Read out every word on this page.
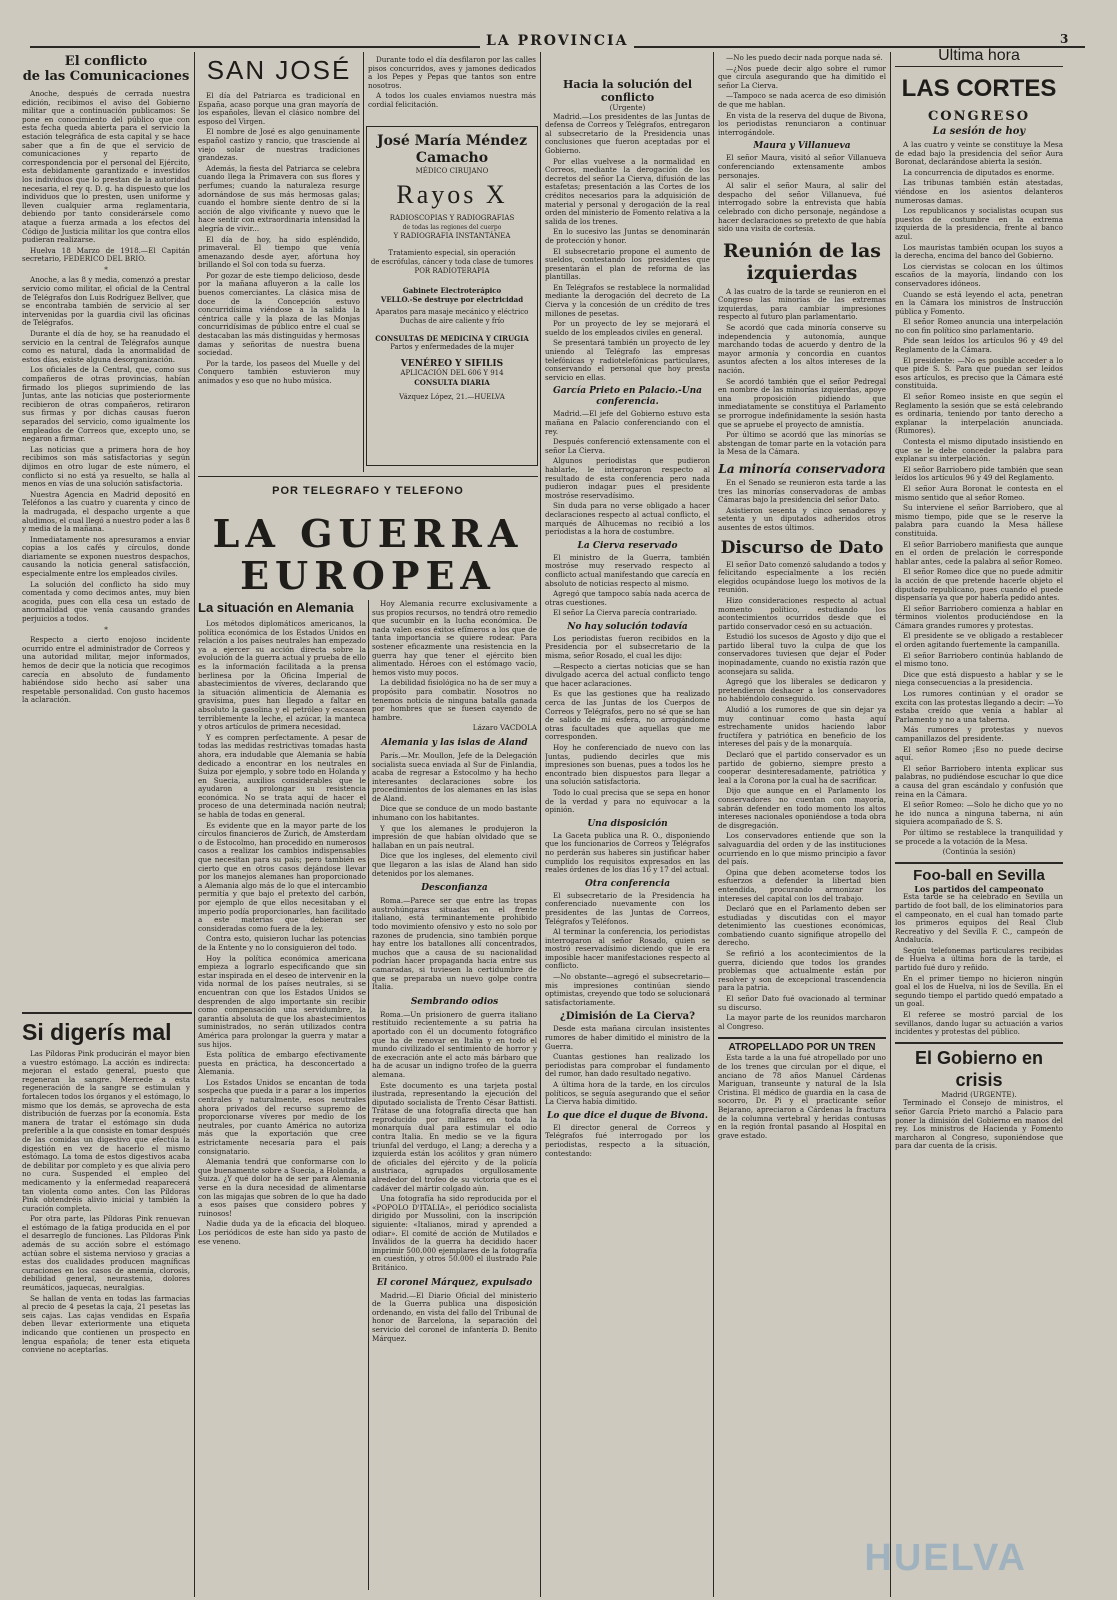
LA PROVINCIA	3
El conflicto
de las Comunicaciones

Anoche, después de cerrada nuestra edición, recibimos el aviso del Gobierno militar que a continuación publicamos: Se pone en conocimiento del público que con esta fecha queda abierta para el servicio la estación telegráfica de esta capital y se hace saber que a fin de que el servicio de comunicaciones y reparto de correspondencia por el personal del Ejército, esta debidamente garantizado e investidos los individuos que lo prestan de la autoridad necesaria, el rey q. D. g. ha dispuesto que los individuos que lo presten, usen uniforme y lleven cualquier arma reglamentaria, debiendo por tanto considerársele como ataque a fuerza armada a los efectos del Código de Justicia militar los que contra ellos pudieran realizarse.

Huelva 18 Marzo de 1918.—El Capitán secretario, FEDERICO DEL BRIO.

*

Anoche, a las 8 y media, comenzó a prestar servicio como militar, el oficial de la Central de Telégrafos don Luis Rodríguez Bellver, que se encontraba también de servicio al ser intervenidas por la guardia civil las oficinas de Telégrafos.

Durante el día de hoy, se ha reanudado el servicio en la central de Telégrafos aunque como es natural, dada la anormalidad de estos días, existe alguna desorganización.

Los oficiales de la Central, que, como sus compañeros de otras provincias, habían firmado los pliegos suprimiendo de las Juntas, ante las noticias que posteriormente recibieron de otras compañeros, retiraron sus firmas y por dichas causas fueron separados del servicio, como igualmente los empleados de Correos que, excepto uno, se negaron a firmar.

Las noticias que a primera hora de hoy recibimos son más satisfactorias y según dijimos en otro lugar de este número, el conflicto si no está ya resuelto, se halla al menos en vías de una solución satisfactoria.

Nuestra Agencia en Madrid depositó en Teléfonos a las cuatro y cuarenta y cinco de la madrugada, el despacho urgente a que aludimos, el cual llegó a nuestro poder a las 8 y media de la mañana.

Inmediatamente nos apresuramos a enviar copias a los cafés y círculos, donde diariamente se exponen nuestros despachos, causando la noticia general satisfacción, especialmente entre los empleados civiles.

La solución del conflicto ha sido muy comentada y como decimos antes, muy bien acogida, pues con ella cesa un estado de anormalidad que venía causando grandes perjuicios a todos.

*

Respecto a cierto enojoso incidente ocurrido entre el administrador de Correos y una autoridad militar, mejor informados, hemos de decir que la noticia que recogimos carecía en absoluto de fundamento habiéndose sido hecho así saber una respetable personalidad. Con gusto hacemos la aclaración.

Si digerís mal

Las Píldoras Pink producirán el mayor bien a vuestro estómago. La acción es indirecta: mejoran el estado general, puesto que regeneran la sangre. Mercede a esta regeneración de la sangre se estimulan y fortalecen todos los órganos y el estómago, lo mismo que los demás, se aprovecha de esta distribución de fuerzas por la economía. Esta manera de tratar el estómago sin duda preferible a la que consiste en tomar después de las comidas un digestivo que efectúa la digestión en vez de hacerlo el mismo estómago. La toma de estos digestivos acaba de debilitar por completo y es que alivia pero no cura. Suspended el empleo del medicamento y la enfermedad reaparecerá tan violenta como antes. Con las Píldoras Pink obtendréis alivio inicial y también la curación completa.

Por otra parte, las Píldoras Pink renuevan el estómago de la fatiga producida en el por el desarreglo de funciones. Las Píldoras Pink además de su acción sobre el estómago actúan sobre el sistema nervioso y gracias a estas dos cualidades producen magníficas curaciones en los casos de anemia, clorosis, debilidad general, neurastenia, dolores reumáticos, jaquecas, neuralgias.

Se hallan de venta en todas las farmacias al precio de 4 pesetas la caja, 21 pesetas las seis cajas. Las cajas vendidas en España deben llevar exteriormente una etiqueta indicando que contienen un prospecto en lengua española; de tener esta etiqueta conviene no aceptarlas.

SAN JOSÉ

El día del Patriarca es tradicional en España, acaso porque una gran mayoría de los españoles, llevan el clásico nombre del esposo del Virgen.

El nombre de José es algo genuinamente español castizo y rancio, que trasciende al viejo solar de nuestras tradiciones grandezas.

Además, la fiesta del Patriarca se celebra cuando llega la Primavera con sus flores y perfumes; cuando la naturaleza resurge adornándose de sus más hermosas galas; cuando el hombre siente dentro de sí la acción de algo vivificante y nuevo que le hace sentir con extraordinaria intensidad la alegría de vivir...

El día de hoy, ha sido espléndido, primaveral. El tiempo que venía amenazando desde ayer, afórtuna hoy brillando el Sol con toda su fuerza.

Por gozar de este tiempo delicioso, desde por la mañana afluyeron a la calle los buenos comerciantes. La clásica misa de doce de la Concepción estuvo concurridísima viéndose a la salida la céntrica calle y la plaza de las Monjas concurridísimas de público entre el cual se destacaban las más distinguidas y hermosas damas y señoritas de nuestra buena sociedad.

Por la tarde, los paseos del Muelle y del Conquero también estuvieron muy animados y eso que no hubo música.

Durante todo el día desfilaron por las calles pisos concurridos, aves y jamones dedicados a los Pepes y Pepas que tantos son entre nosotros.

A todos los cuales enviamos nuestra más cordial felicitación.

José María Méndez Camacho
MÉDICO CIRUJANO
Rayos X
RADIOSCOPIAS Y RADIOGRAFIAS
de todas las regiones del cuerpo
Y RADIOGRAFIA INSTANTÁNEA
Tratamiento especial, sin operación
de escrófulas, cáncer y toda clase de tumores
POR RADIOTERAPIA
Gabinete Electroterápico
VELLO.-Se destruye por electricidad
Aparatos para masaje mecánico y eléctrico
Duchas de aire caliente y frío
CONSULTAS DE MEDICINA Y CIRUGIA
Partos y enfermedades de la mujer
VENÉREO Y SIFILIS
APLICACIÓN DEL 606 Y 914
CONSULTA DIARIA
Vázquez López, 21.—HUELVA
POR TELEGRAFO Y TELEFONO
LA GUERRA
EUROPEA
La situación en Alemania

Los métodos diplomáticos americanos, la política económica de los Estados Unidos en relación a los países neutrales han empezado ya a ejercer su acción directa sobre la evolución de la guerra actual y prueba de ello es la información facilitada a la prensa berlinesa por la Oficina Imperial de abastecimientos de víveres, declarando que la situación alimenticia de Alemania es gravísima, pues han llegado a faltar en absoluto la gasolina y el petróleo y escasean terriblemente la leche, el azúcar, la manteca y otros artículos de primera necesidad.

Y es compren perfectamente. A pesar de todas las medidas restrictivas tomadas hasta ahora, era indudable que Alemania se había dedicado a encontrar en los neutrales en Suiza por ejemplo, y sobre todo en Holanda y en Suecia, auxilios considerables que le ayudaron a prolongar su resistencia económica. No se trata aquí de hacer el proceso de una determinada nación neutral; se habla de todas en general.

Es evidente que en la mayor parte de los círculos financieros de Zurich, de Amsterdam o de Estocolmo, han procedido en numerosos casos a realizar los cambios indispensables que necesitan para su país; pero también es cierto que en otros casos dejándose llevar por los manejos alemanes han proporcionado a Alemania algo más de lo que el intercambio permitía y que bajo el pretexto del carbón, por ejemplo de que ellos necesitaban y el imperio podía proporcionarles, han facilitado a este materias que debieran ser consideradas como fuera de la ley.

Contra esto, quisieron luchar las potencias de la Entente y no lo consiguieron del todo.

Hoy la política económica americana empieza a lograrlo especificando que sin estar inspirada en el deseo de intervenir en la vida normal de los países neutrales, si se encuentran con que los Estados Unidos se desprenden de algo importante sin recibir como compensación una servidumbre, la garantía absoluta de que los abastecimientos suministrados, no serán utilizados contra América para prolongar la guerra y matar a sus hijos.

Esta política de embargo efectivamente puesta en práctica, ha desconcertado a Alemania.

Los Estados Unidos se encantan de toda sospecha que pueda ir a parar a los imperios centrales y naturalmente, esos neutrales ahora privados del recurso supremo de proporcionarse víveres por medio de los neutrales, por cuanto América no autoriza más que la exportación que cree estrictamente necesaria para el país consignatario.

Alemania tendrá que conformarse con lo que buenamente sobre a Suecia, a Holanda, a Suiza. ¿Y qué dolor ha de ser para Alemania verse en la dura necesidad de alimentarse con las migajas que sobren de lo que ha dado a esos países que considero pobres y ruinosos!

Nadie duda ya de la eficacia del bloqueo. Los periódicos de este han sido ya pasto de ese veneno.

Hoy Alemania recurre exclusivamente a sus propios recursos, no tendrá otro remedio que sucumbir en la lucha económica. De nada valen esos éxitos efímeros a los que de tanta importancia se quiere rodear. Para sostener eficazmente una resistencia en la guerra hay que tener el ejército bien alimentado. Héroes con el estómago vacío, hemos visto muy pocos.

La debilidad fisiológica no ha de ser muy a propósito para combatir. Nosotros no tenemos noticia de ninguna batalla ganada por hombres que se fuesen cayendo de hambre.

Lázaro VACDOLA
Alemania y las islas de Aland

París.—Mr. Moullon, Jefe de la Delegación socialista sueca enviada al Sur de Finlandia, acaba de regresar a Estocolmo y ha hecho interesantes declaraciones sobre los procedimientos de los alemanes en las islas de Aland.

Dice que se conduce de un modo bastante inhumano con los habitantes.

Y que los alemanes le produjeron la impresión de que habían olvidado que se hallaban en un país neutral.

Dice que los ingleses, del elemento civil que llegaron a las islas de Aland han sido detenidos por los alemanes.

Desconfianza

Roma.—Parece ser que entre las tropas austrohúngaras situadas en el frente italiano, está terminantemente prohibido todo movimiento ofensivo y esto no solo por razones de prudencia, sino también porque hay entre los batallones allí concentrados, muchos que a causa de su nacionalidad podrían hacer propaganda hacia entre sus camaradas, si tuviesen la certidumbre de que se preparaba un nuevo golpe contra Italia.

Sembrando odios

Roma.—Un prisionero de guerra italiano restituido recientemente a su patria ha aportado con él un documento fotográfico que ha de renovar en Italia y en todo el mundo civilizado el sentimiento de horror y de execración ante el acto más bárbaro que ha de acusar un indigno trofeo de la guerra alemana.

Este documento es una tarjeta postal ilustrada, representando la ejecución del diputado socialista de Trento César Battisti. Trátase de una fotografía directa que han reproducido por millares en toda la monarquía dual para estimular el odio contra Italia. En medio se ve la figura triunfal del verdugo, el Lang; a derecha y a izquierda están los acólitos y gran número de oficiales del ejército y de la policía austriaca, agrupados orgullosamente alrededor del trofeo de su victoria que es el cadáver del mártir colgado aún.

Una fotografía ha sido reproducida por el «POPOLO D'ITALIA», el periódico socialista dirigido por Mussolini, con la inscripción siguiente: «Italianos, mirad y aprended a odiar». El comité de acción de Mutilados e Inválidos de la guerra ha decidido hacer imprimir 500.000 ejemplares de la fotografía en cuestión, y otros 50.000 el ilustrado Pale Británico.

El coronel Márquez, expulsado

Madrid.—El Diario Oficial del ministerio de la Guerra publica una disposición ordenando, en vista del fallo del Tribunal de honor de Barcelona, la separación del servicio del coronel de infantería D. Benito Márquez.

Hacia la solución del conflicto
(Urgente)

Madrid.—Los presidentes de las Juntas de defensa de Correos y Telégrafos, entregaron al subsecretario de la Presidencia unas conclusiones que fueron aceptadas por el Gobierno.

Por ellas vuelvese a la normalidad en Correos, mediante la derogación de los decretos del señor La Cierva, difusión de las estafetas; presentación a las Cortes de los créditos necesarios para la adquisición de material y personal y derogación de la real orden del ministerio de Fomento relativa a la salida de los trenes.

En lo sucesivo las Juntas se denominarán de protección y honor.

El subsecretario propone el aumento de sueldos, contestando los presidentes que presentarán el plan de reforma de las plantillas.

En Telégrafos se restablece la normalidad mediante la derogación del decreto de La Cierva y la concesión de un crédito de tres millones de pesetas.

Por un proyecto de ley se mejorará el sueldo de los empleados civiles en general.

Se presentará también un proyecto de ley uniendo al Telégrafo las empresas telefónicas y radiotelefónicas particulares, conservando el personal que hoy presta servicio en ellas.

García Prieto en Palacio.-Una conferencia.

Madrid.—El jefe del Gobierno estuvo esta mañana en Palacio conferenciando con el rey.

Después conferenció extensamente con el señor La Cierva.

Algunos periodistas que pudieron hablarle, le interrogaron respecto al resultado de esta conferencia pero nada pudieron indagar pues el presidente mostróse reservadísimo.

Sin duda para no verse obligado a hacer declaraciones respecto al actual conflicto, el marqués de Alhucemas no recibió a los periodistas a la hora de costumbre.

La Cierva reservado

El ministro de la Guerra, también mostróse muy reservado respecto al conflicto actual manifestando que carecía en absoluto de noticias respecto al mismo.

Agregó que tampoco sabía nada acerca de otras cuestiones.

El señor La Cierva parecía contrariado.

No hay solución todavía

Los periodistas fueron recibidos en la Presidencia por el subsecretario de la misma, señor Rosado, el cual les dijo:

—Respecto a ciertas noticias que se han divulgado acerca del actual conflicto tengo que hacer aclaraciones.

Es que las gestiones que ha realizado cerca de las Juntas de los Cuerpos de Correos y Telégrafos, pero no sé que se han de salido de mí esfera, no arrogándome otras facultades que aquellas que me corresponden.

Hoy he conferenciado de nuevo con las Juntas, pudiendo decirles que mis impresiones son buenas, pues a todos los he encontrado bien dispuestos para llegar a una solución satisfactoria.

Todo lo cual precisa que se sepa en honor de la verdad y para no equivocar a la opinión.

Una disposición

La Gaceta publica una R. O., disponiendo que los funcionarios de Correos y Telégrafos no perderán sus haberes sin justificar haber cumplido los requisitos expresados en las reales órdenes de los días 16 y 17 del actual.

Otra conferencia

El subsecretario de la Presidencia ha conferenciado nuevamente con los presidentes de las Juntas de Correos, Telégrafos y Teléfonos.

Al terminar la conferencia, los periodistas interrogaron al señor Rosado, quien se mostró reservadísimo diciendo que le era imposible hacer manifestaciones respecto al conflicto.

—No obstante—agregó el subsecretario—mis impresiones continúan siendo optimistas, creyendo que todo se solucionará satisfactoriamente.

¿Dimisión de La Cierva?

Desde esta mañana circulan insistentes rumores de haber dimitido el ministro de la Guerra.

Cuantas gestiones han realizado los periodistas para comprobar el fundamento del rumor, han dado resultado negativo.

A última hora de la tarde, en los círculos políticos, se seguía asegurando que el señor La Cierva había dimitido.

Lo que dice el duque de Bivona.

El director general de Correos y Telégrafos fué interrogado por los periodistas, respecto a la situación, contestando:

—No les puedo decir nada porque nada sé.

—¿Nos puede decir algo sobre el rumor que circula asegurando que ha dimitido el señor La Cierva.

—Tampoco se nada acerca de eso dimisión de que me hablan.

En vista de la reserva del duque de Bivona, los periodistas renunciaron a continuar interrogándole.

Maura y Villanueva

El señor Maura, visitó al señor Villanueva conferenciando extensamente ambos personajes.

Al salir el señor Maura, al salir del despacho del señor Villanueva, fué interrogado sobre la entrevista que había celebrado con dicho personaje, negándose a hacer declaraciones so pretexto de que había sido una visita de cortesía.

Reunión de las izquierdas

A las cuatro de la tarde se reunieron en el Congreso las minorías de las extremas izquierdas, para cambiar impresiones respecto al futuro plan parlamentario.

Se acordó que cada minoría conserve su independencia y autonomía, aunque marchando todas de acuerdo y dentro de la mayor armonía y concordia en cuantos asuntos afecten a los altos intereses de la nación.

Se acordó también que el señor Pedregal en nombre de las minorías izquierdas, apoye una proposición pidiendo que inmediatamente se constituya el Parlamento se prorrogue indefinidamente la sesión hasta que se apruebe el proyecto de amnistía.

Por último se acordó que las minorías se abstengan de tomar parte en la votación para la Mesa de la Cámara.

La minoría conservadora

En el Senado se reunieron esta tarde a las tres las minorías conservadoras de ambas Cámaras bajo la presidencia del señor Dato.

Asistieron sesenta y cinco senadores y setenta y un diputados adheridos otros ausentes de estos últimos.

Discurso de Dato

El señor Dato comenzó saludando a todos y felicitando especialmente a los recién elegidos ocupándose luego los motivos de la reunión.

Hizo consideraciones respecto al actual momento político, estudiando los acontecimientos ocurridos desde que el partido conservador cesó en su actuación.

Estudió los sucesos de Agosto y dijo que el partido liberal tuvo la culpa de que los conservadores tuviesen que dejar el Poder inopinadamente, cuando no existía razón que aconsejara su salida.

Agregó que los liberales se dedicaron y pretendieron deshacer a los conservadores no habiéndolo conseguido.

Aludió a los rumores de que sin dejar ya muy continuar como hasta aquí estrechamente unidos haciendo labor fructífera y patriótica en beneficio de los intereses del país y de la monarquía.

Declaró que el partido conservador es un partido de gobierno, siempre presto a cooperar desinteresadamente, patriótica y leal a la Corona por la cual ha de sacrificar.

Dijo que aunque en el Parlamento los conservadores no cuentan con mayoría, sabrán defender en todo momento los altos intereses nacionales oponiéndose a toda obra de disgregación.

Los conservadores entiende que son la salvaguardia del orden y de las instituciones ocurriendo en lo que mismo principio a favor del país.

Opina que deben acometerse todos los esfuerzos a defender la libertad bien entendida, procurando armonizar los intereses del capital con los del trabajo.

Declaró que en el Parlamento deben ser estudiadas y discutidas con el mayor detenimiento las cuestiones económicas, combatiendo cuanto signifique atropello del derecho.

Se refirió a los acontecimientos de la guerra, diciendo que todos los grandes problemas que actualmente están por resolver y son de excepcional trascendencia para la patria.

El señor Dato fué ovacionado al terminar su discurso.

La mayor parte de los reunidos marcharon al Congreso.

ATROPELLADO POR UN TREN

Esta tarde a la una fué atropellado por uno de los trenes que circulan por el dique, el anciano de 78 años Manuel Cárdenas Mariguan, transeunte y natural de la Isla Cristina. El médico de guardia en la casa de socorro, Dr. Pi y el practicante señor Bejarano, apreciaron a Cárdenas la fractura de la columna vertebral y heridas contusas en la región frontal pasando al Hospital en grave estado.

Ultima hora
LAS CORTES
CONGRESO
La sesión de hoy

A las cuatro y veinte se constituye la Mesa de edad bajo la presidencia del señor Aura Boronat, declarándose abierta la sesión.

La concurrencia de diputados es enorme.

Las tribunas también están atestadas, viéndose en los asientos delanteros numerosas damas.

Los republicanos y socialistas ocupan sus puestos de costumbre en la extrema izquierda de la presidencia, frente al banco azul.

Los mauristas también ocupan los suyos a la derecha, encima del banco del Gobierno.

Los ciervistas se colocan en los últimos escaños de la mayoría, lindando con los conservadores idóneos.

Cuando se está leyendo el acta, penetran en la Cámara los ministros de Instrucción pública y Fomento.

El señor Romeo anuncia una interpelación no con fin político sino parlamentario.

Pide sean leídos los artículos 96 y 49 del Reglamento de la Cámara.

El presidente: —No es posible acceder a lo que pide S. S. Para que puedan ser leídos esos artículos, es preciso que la Cámara esté constituida.

El señor Romeo insiste en que según el Reglamento la sesión que se está celebrando es ordinaria, teniendo por tanto derecho a explanar la interpelación anunciada. (Rumores).

Contesta el mismo diputado insistiendo en que se le debe conceder la palabra para explanar su interpelación.

El señor Barriobero pide también que sean leídos los artículos 96 y 49 del Reglamento.

El señor Aura Boronat le contesta en el mismo sentido que al señor Romeo.

Su interviene el señor Barriobero, que al mismo tiempo, pide que se le reserve la palabra para cuando la Mesa hállese constituida.

El señor Barriobero manifiesta que aunque en el orden de prelación le corresponde hablar antes, cede la palabra al señor Romeo.

El señor Romeo dice que no puede admitir la acción de que pretende hacerle objeto el diputado republicano, pues cuando el puede dispensaría ya que por haberla pedido antes.

El señor Barriobero comienza a hablar en términos violentos produciéndose en la Cámara grandes rumores y protestas.

El presidente se ve obligado a restablecer el orden agitando fuertemente la campanilla.

El señor Barriobero continúa hablando de el mismo tono.

Dice que está dispuesto a hablar y se le niega consecuencias a la presidencia.

Los rumores continúan y el orador se excita con las protestas llegando a decir: —Yo estaba creído que venía a hablar al Parlamento y no a una taberna.

Más rumores y protestas y nuevos campanillazos del presidente.

El señor Romeo ¡Eso no puede decirse aquí.

El señor Barriobero intenta explicar sus palabras, no pudiéndose escuchar lo que dice a causa del gran escándalo y confusión que reina en la Cámara.

El señor Romeo: —Solo he dicho que yo no he ido nunca a ninguna taberna, ni aún siquiera acompañado de S. S.

Por último se restablece la tranquilidad y se procede a la votación de la Mesa.

(Continúa la sesión)
Foo-ball en Sevilla
Los partidos del campeonato

Esta tarde se ha celebrado en Sevilla un partido de foot ball, de los eliminatorios para el campeonato, en el cual han tomado parte los primeros equipos del Real Club Recreativo y del Sevilla F. C., campeón de Andalucía.

Según telefonemas particulares recibidas de Huelva a última hora de la tarde, el partido fué duro y reñido.

En el primer tiempo no hicieron ningún goal el los de Huelva, ni los de Sevilla. En el segundo tiempo el partido quedó empatado a un goal.

El referee se mostró parcial de los sevillanos, dando lugar su actuación a varios incidentes y protestas del público.

El Gobierno en crisis
Madrid (URGENTE).

Terminado el Consejo de ministros, el señor García Prieto marchó a Palacio para poner la dimisión del Gobierno en manos del rey. Los ministros de Hacienda y Fomento marcharon al Congreso, suponiéndose que para dar cuenta de la crisis.

HUELVA
